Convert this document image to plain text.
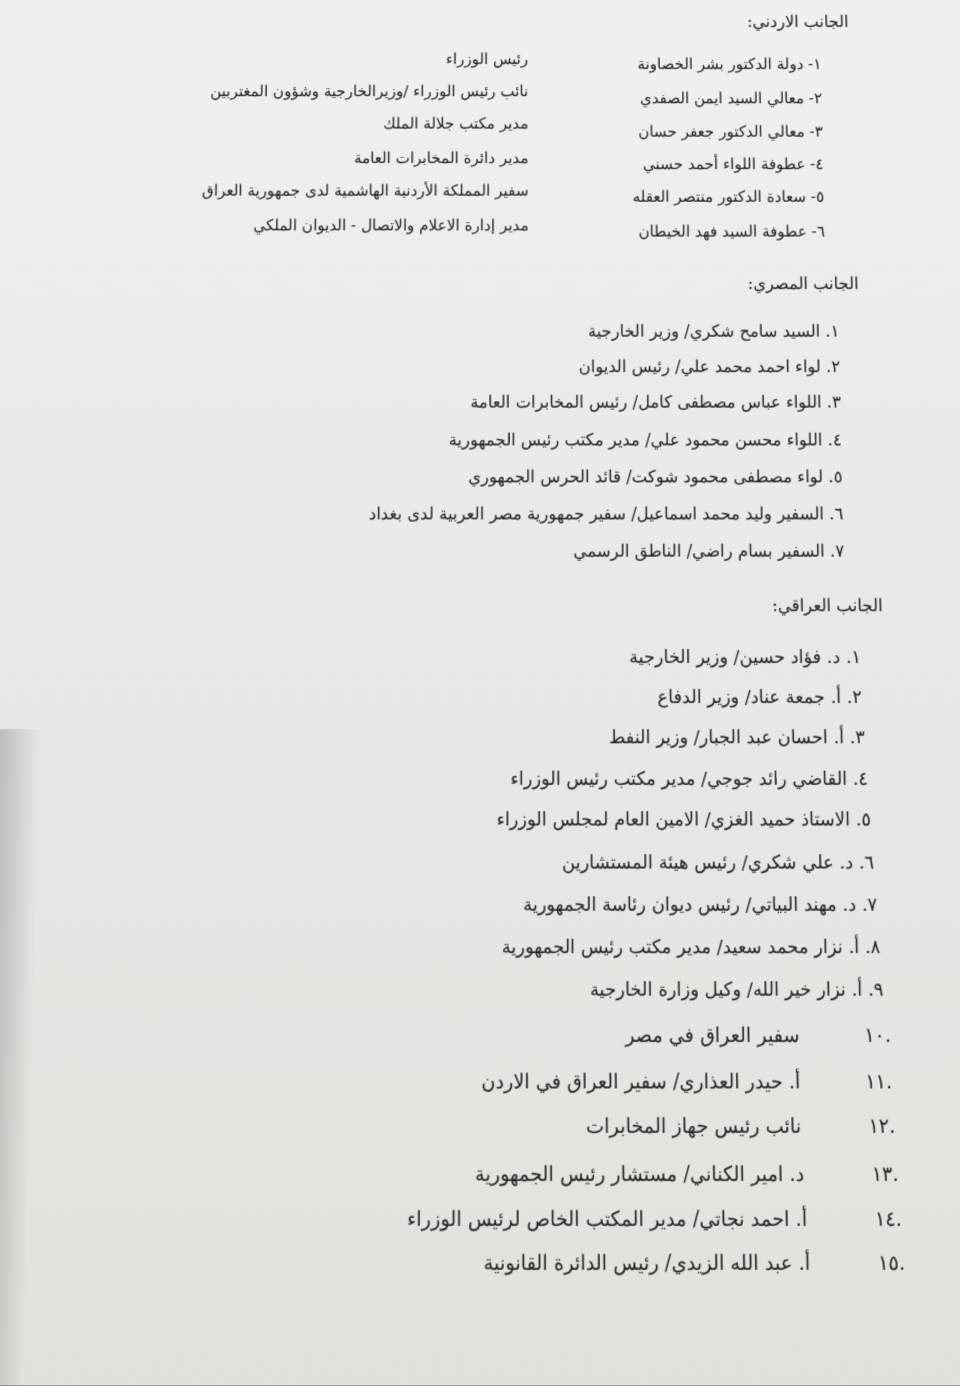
الجانب الاردني:
١- دولة الدكتور بشر الخصاونة
رئيس الوزراء
٢- معالي السيد ايمن الصفدي
نائب رئيس الوزراء /وزيرالخارجية وشؤون المغتربين
٣- معالي الدكتور جعفر حسان
مدير مكتب جلالة الملك
٤- عطوفة اللواء أحمد حسني
مدير دائرة المخابرات العامة
٥- سعادة الدكتور منتصر العقله
سفير المملكة الأردنية الهاشمية لدى جمهورية العراق
٦- عطوفة السيد فهد الخيطان
مدير إدارة الاعلام والاتصال - الديوان الملكي
الجانب المصري:
١. السيد سامح شكري/ وزير الخارجية
٢. لواء احمد محمد علي/ رئيس الديوان
٣. اللواء عباس مصطفى كامل/ رئيس المخابرات العامة
٤. اللواء محسن محمود علي/ مدير مكتب رئيس الجمهورية
٥. لواء مصطفى محمود شوكت/ قائد الحرس الجمهوري
٦. السفير وليد محمد اسماعيل/ سفير جمهورية مصر العربية لدى بغداد
٧. السفير بسام راضي/ الناطق الرسمي
الجانب العراقي:
١. د. فؤاد حسين/ وزير الخارجية
٢. أ. جمعة عناد/ وزير الدفاع
٣. أ. احسان عبد الجبار/ وزير النفط
٤. القاضي رائد جوجي/ مدير مكتب رئيس الوزراء
٥. الاستاذ حميد الغزي/ الامين العام لمجلس الوزراء
٦. د. علي شكري/ رئيس هيئة المستشارين
٧. د. مهند البياتي/ رئيس ديوان رئاسة الجمهورية
٨. أ. نزار محمد سعيد/ مدير مكتب رئيس الجمهورية
٩. أ. نزار خير الله/ وكيل وزارة الخارجية
.١٠
سفير العراق في مصر
.١١
أ. حيدر العذاري/ سفير العراق في الاردن
.١٢
نائب رئيس جهاز المخابرات
.١٣
د. امير الكناني/ مستشار رئيس الجمهورية
.١٤
أ. احمد نجاتي/ مدير المكتب الخاص لرئيس الوزراء
.١٥
أ. عبد الله الزيدي/ رئيس الدائرة القانونية
